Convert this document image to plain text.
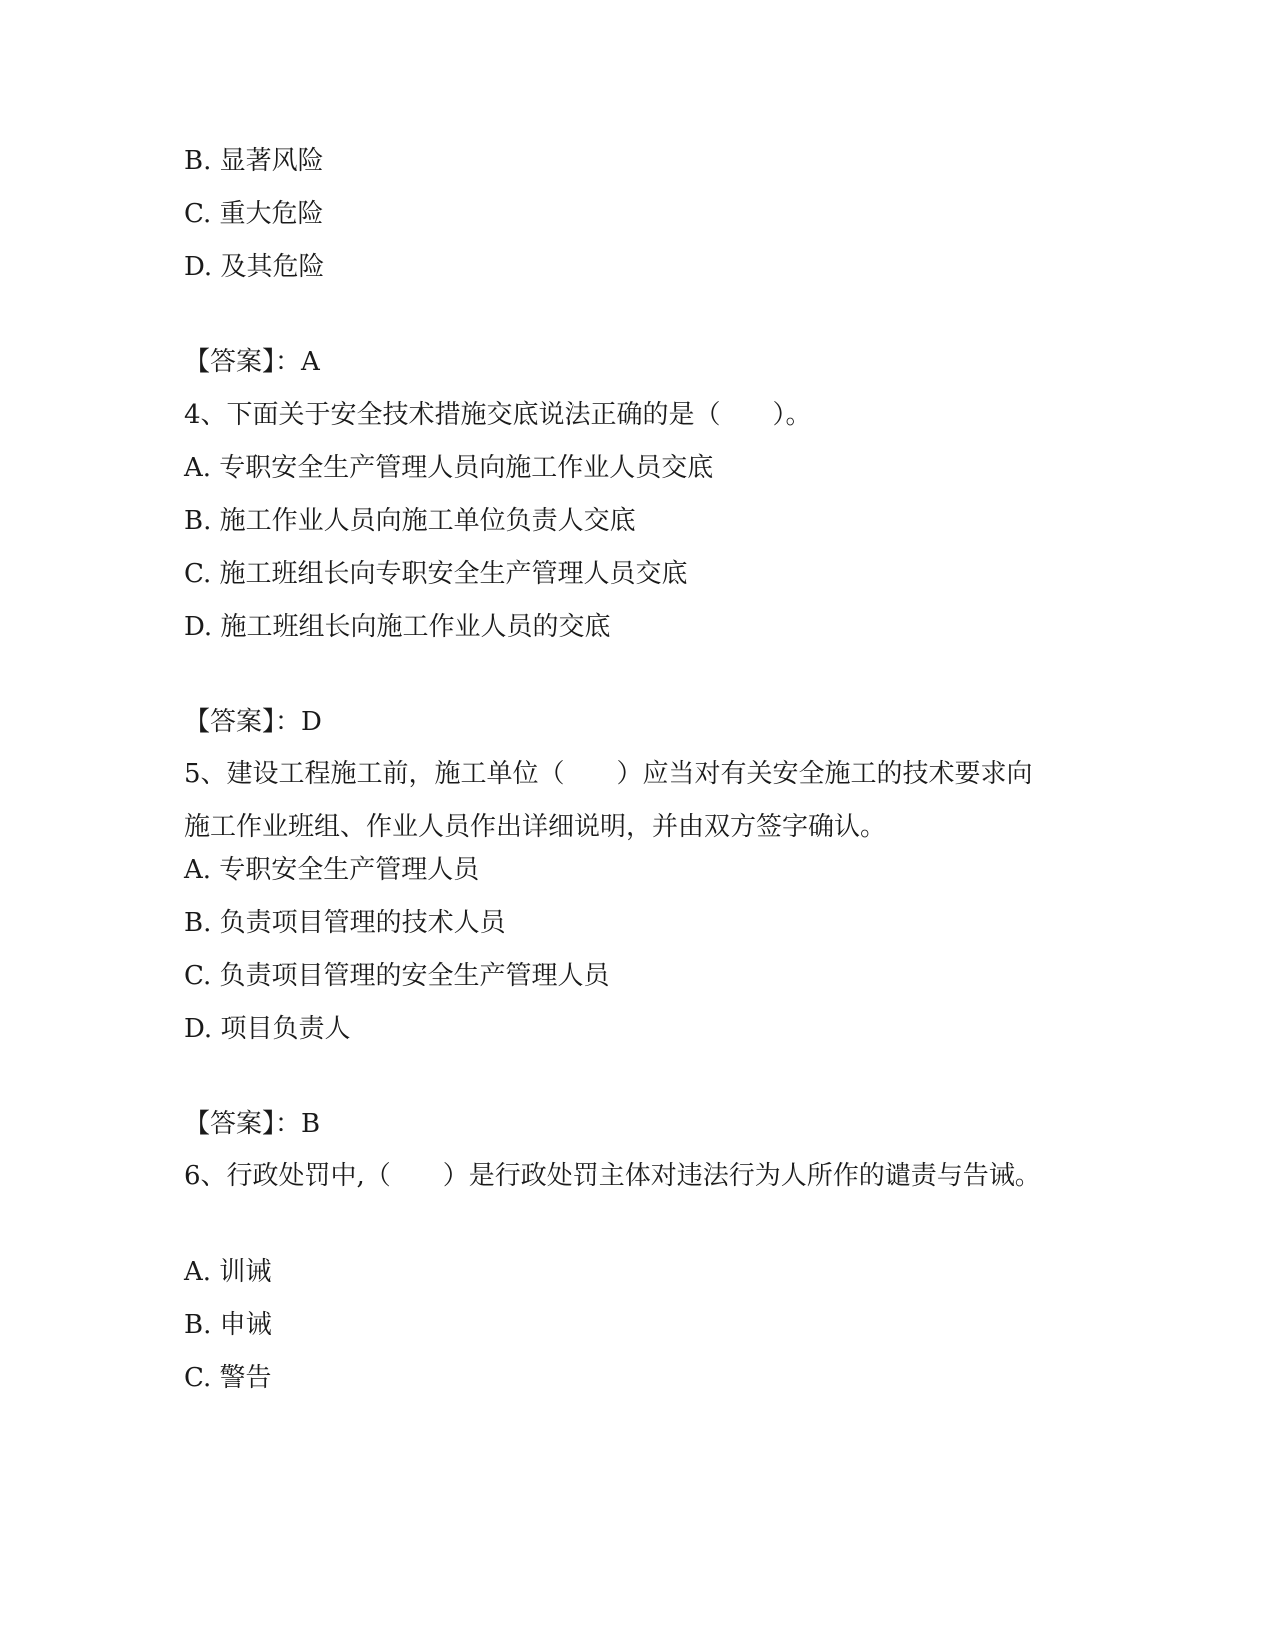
B. 显著风险
C. 重大危险
D. 及其危险
【答案】：A
4、下面关于安全技术措施交底说法正确的是（　　）。
A. 专职安全生产管理人员向施工作业人员交底
B. 施工作业人员向施工单位负责人交底
C. 施工班组长向专职安全生产管理人员交底
D. 施工班组长向施工作业人员的交底
【答案】：D
5、建设工程施工前，施工单位（　　）应当对有关安全施工的技术要求向施工作业班组、作业人员作出详细说明，并由双方签字确认。
A. 专职安全生产管理人员
B. 负责项目管理的技术人员
C. 负责项目管理的安全生产管理人员
D. 项目负责人
【答案】：B
6、行政处罚中,（　　）是行政处罚主体对违法行为人所作的谴责与告诫。
A. 训诫
B. 申诫
C. 警告
